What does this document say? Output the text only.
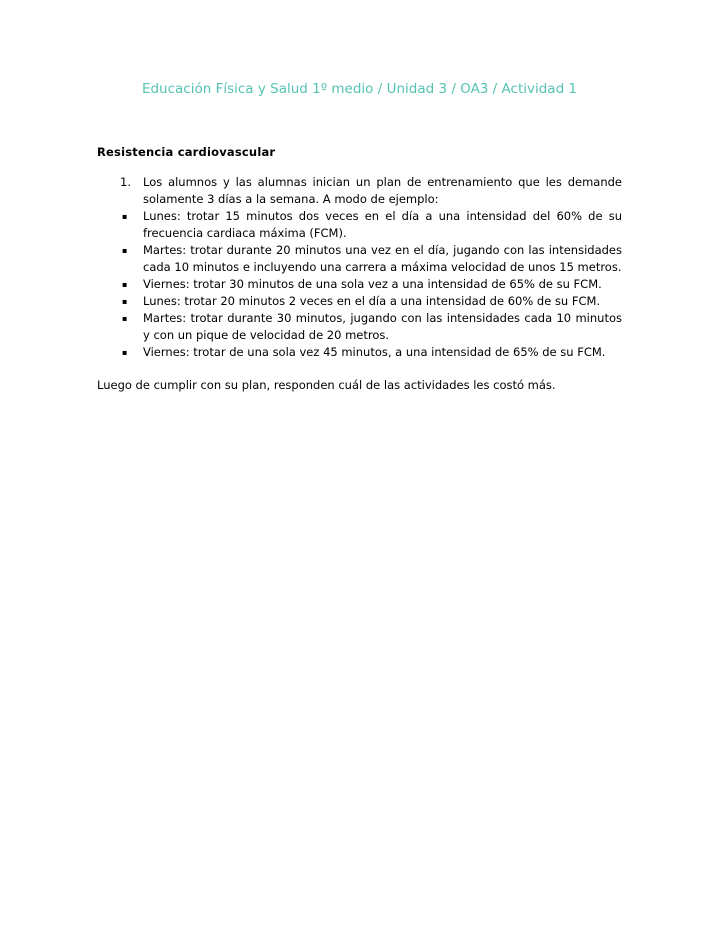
Educación Física y Salud 1º medio / Unidad 3 / OA3 / Actividad 1
Resistencia cardiovascular
1.	Los alumnos y las alumnas inician un plan de entrenamiento que les demande solamente 3 días a la semana. A modo de ejemplo:
▪	Lunes: trotar 15 minutos dos veces en el día a una intensidad del 60% de su frecuencia cardiaca máxima (FCM).
▪	Martes: trotar durante 20 minutos una vez en el día, jugando con las intensidades cada 10 minutos e incluyendo una carrera a máxima velocidad de unos 15 metros.
▪	Viernes: trotar 30 minutos de una sola vez a una intensidad de 65% de su FCM.
▪	Lunes: trotar 20 minutos 2 veces en el día a una intensidad de 60% de su FCM.
▪	Martes: trotar durante 30 minutos, jugando con las intensidades cada 10 minutos y con un pique de velocidad de 20 metros.
▪	Viernes: trotar de una sola vez 45 minutos, a una intensidad de 65% de su FCM.

Luego de cumplir con su plan, responden cuál de las actividades les costó más.
